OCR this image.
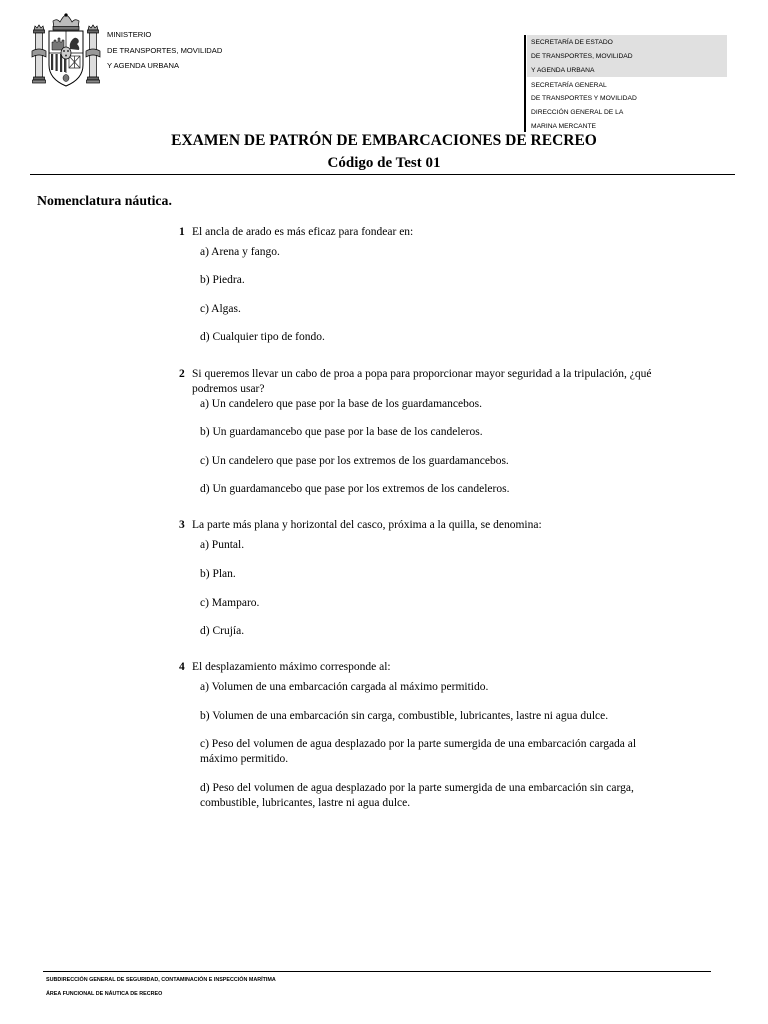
MINISTERIO
DE TRANSPORTES, MOVILIDAD
Y AGENDA URBANA
SECRETARÍA DE ESTADO
DE TRANSPORTES, MOVILIDAD
Y AGENDA URBANA
SECRETARÍA GENERAL
DE TRANSPORTES Y MOVILIDAD
DIRECCIÓN GENERAL DE LA
MARINA MERCANTE
EXAMEN DE PATRÓN DE EMBARCACIONES DE RECREO
Código de Test 01
Nomenclatura náutica.
1 El ancla de arado es más eficaz para fondear en:
a) Arena y fango.
b) Piedra.
c) Algas.
d) Cualquier tipo de fondo.
2 Si queremos llevar un cabo de proa a popa para proporcionar mayor seguridad a la tripulación, ¿qué
podremos usar?
a) Un candelero que pase por la base de los guardamancebos.
b) Un guardamancebo que pase por la base de los candeleros.
c) Un candelero que pase por los extremos de los guardamancebos.
d) Un guardamancebo que pase por los extremos de los candeleros.
3 La parte más plana y horizontal del casco, próxima a la quilla, se denomina:
a) Puntal.
b) Plan.
c) Mamparo.
d) Crujía.
4 El desplazamiento máximo corresponde al:
a) Volumen de una embarcación cargada al máximo permitido.
b) Volumen de una embarcación sin carga, combustible, lubricantes, lastre ni agua dulce.
c) Peso del volumen de agua desplazado por la parte sumergida de una embarcación cargada al
máximo permitido.
d) Peso del volumen de agua desplazado por la parte sumergida de una embarcación sin carga,
combustible, lubricantes, lastre ni agua dulce.
SUBDIRECCIÓN GENERAL DE SEGURIDAD, CONTAMINACIÓN E INSPECCIÓN MARÍTIMA
ÁREA FUNCIONAL DE NÁUTICA DE RECREO
